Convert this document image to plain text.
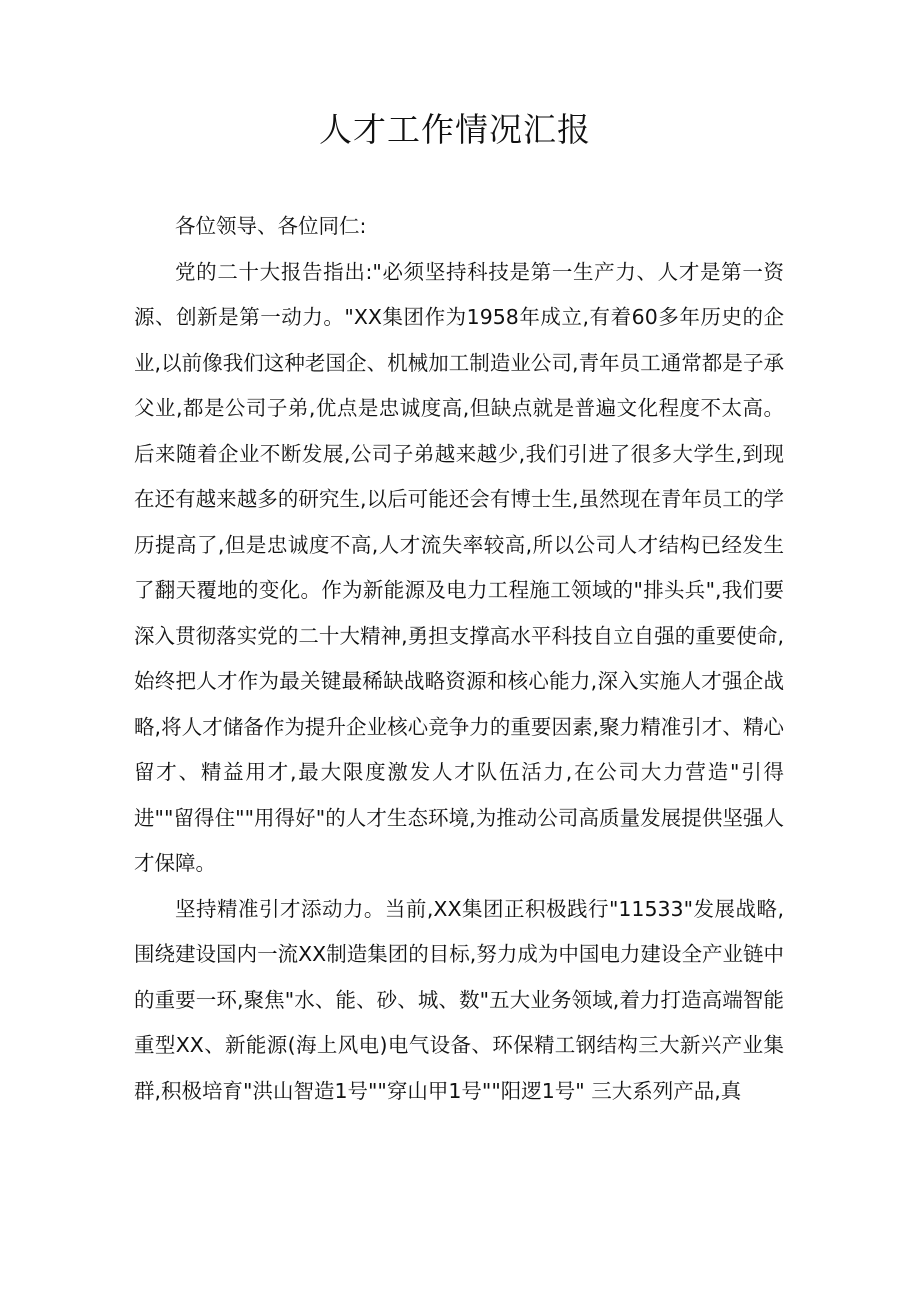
人才工作情况汇报

各位领导、各位同仁:

党的二十大报告指出:"必须坚持科技是第一生产力、人才是第一资源、创新是第一动力。"XX集团作为1958年成立,有着60多年历史的企业,以前像我们这种老国企、机械加工制造业公司,青年员工通常都是子承父业,都是公司子弟,优点是忠诚度高,但缺点就是普遍文化程度不太高。后来随着企业不断发展,公司子弟越来越少,我们引进了很多大学生,到现在还有越来越多的研究生,以后可能还会有博士生,虽然现在青年员工的学历提高了,但是忠诚度不高,人才流失率较高,所以公司人才结构已经发生了翻天覆地的变化。作为新能源及电力工程施工领域的"排头兵",我们要深入贯彻落实党的二十大精神,勇担支撑高水平科技自立自强的重要使命,始终把人才作为最关键最稀缺战略资源和核心能力,深入实施人才强企战略,将人才储备作为提升企业核心竞争力的重要因素,聚力精准引才、精心留才、精益用才,最大限度激发人才队伍活力,在公司大力营造"引得进""留得住""用得好"的人才生态环境,为推动公司高质量发展提供坚强人才保障。

坚持精准引才添动力。当前,XX集团正积极践行"11533"发展战略,围绕建设国内一流XX制造集团的目标,努力成为中国电力建设全产业链中的重要一环,聚焦"水、能、砂、城、数"五大业务领域,着力打造高端智能重型XX、新能源(海上风电)电气设备、环保精工钢结构三大新兴产业集群,积极培育"洪山智造1号""穿山甲1号""阳逻1号" 三大系列产品,真
